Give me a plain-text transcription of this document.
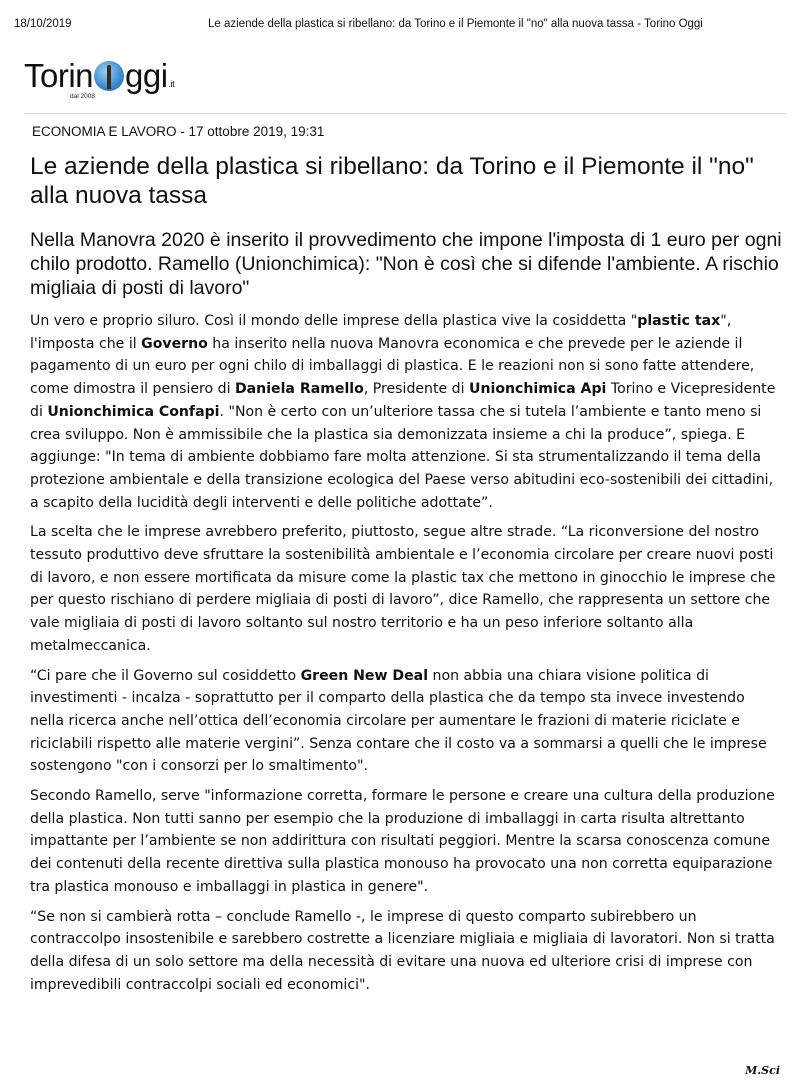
18/10/2019	Le aziende della plastica si ribellano: da Torino e il Piemonte il "no" alla nuova tassa - Torino Oggi
Torin ggi.it
dal 2008
ECONOMIA E LAVORO - 17 ottobre 2019, 19:31
Le aziende della plastica si ribellano: da Torino e il Piemonte il "no" alla nuova tassa
Nella Manovra 2020 è inserito il provvedimento che impone l'imposta di 1 euro per ogni chilo prodotto. Ramello (Unionchimica): "Non è così che si difende l'ambiente. A rischio migliaia di posti di lavoro"

Un vero e proprio siluro. Così il mondo delle imprese della plastica vive la cosiddetta "plastic tax", l'imposta che il Governo ha inserito nella nuova Manovra economica e che prevede per le aziende il pagamento di un euro per ogni chilo di imballaggi di plastica. E le reazioni non si sono fatte attendere, come dimostra il pensiero di Daniela Ramello, Presidente di Unionchimica Api Torino e Vicepresidente di Unionchimica Confapi. "Non è certo con un’ulteriore tassa che si tutela l’ambiente e tanto meno si crea sviluppo. Non è ammissibile che la plastica sia demonizzata insieme a chi la produce”, spiega. E aggiunge: "In tema di ambiente dobbiamo fare molta attenzione. Si sta strumentalizzando il tema della protezione ambientale e della transizione ecologica del Paese verso abitudini eco-sostenibili dei cittadini, a scapito della lucidità degli interventi e delle politiche adottate”.

La scelta che le imprese avrebbero preferito, piuttosto, segue altre strade. “La riconversione del nostro tessuto produttivo deve sfruttare la sostenibilità ambientale e l’economia circolare per creare nuovi posti di lavoro, e non essere mortificata da misure come la plastic tax che mettono in ginocchio le imprese che per questo rischiano di perdere migliaia di posti di lavoro”, dice Ramello, che rappresenta un settore che vale migliaia di posti di lavoro soltanto sul nostro territorio e ha un peso inferiore soltanto alla metalmeccanica.

“Ci pare che il Governo sul cosiddetto Green New Deal non abbia una chiara visione politica di investimenti - incalza - soprattutto per il comparto della plastica che da tempo sta invece investendo nella ricerca anche nell’ottica dell’economia circolare per aumentare le frazioni di materie riciclate e riciclabili rispetto alle materie vergini”. Senza contare che il costo va a sommarsi a quelli che le imprese sostengono "con i consorzi per lo smaltimento".

Secondo Ramello, serve "informazione corretta, formare le persone e creare una cultura della produzione della plastica. Non tutti sanno per esempio che la produzione di imballaggi in carta risulta altrettanto impattante per l’ambiente se non addirittura con risultati peggiori. Mentre la scarsa conoscenza comune dei contenuti della recente direttiva sulla plastica monouso ha provocato una non corretta equiparazione tra plastica monouso e imballaggi in plastica in genere".

“Se non si cambierà rotta – conclude Ramello -, le imprese di questo comparto subirebbero un contraccolpo insostenibile e sarebbero costrette a licenziare migliaia e migliaia di lavoratori. Non si tratta della difesa di un solo settore ma della necessità di evitare una nuova ed ulteriore crisi di imprese con imprevedibili contraccolpi sociali ed economici".

M.Sci
